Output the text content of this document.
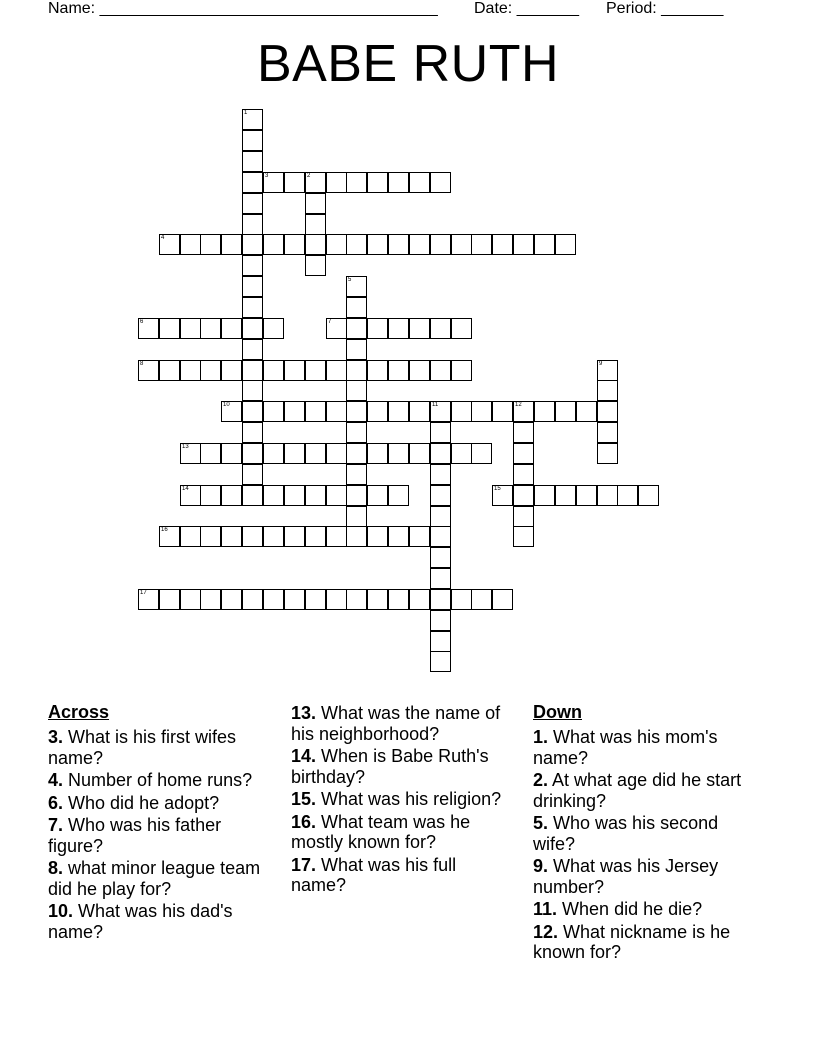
Name: ______________________________________ Date: _______ Period: _______
BABE RUTH
3	2
4
6	7
8
10	11	12
13
14	15
16
17
1
5
9
Across
3. What is his first wifes name?
4. Number of home runs?
6. Who did he adopt?
7. Who was his father figure?
8. what minor league team did he play for?
10. What was his dad's name?
13. What was the name of his neighborhood?
14. When is Babe Ruth's birthday?
15. What was his religion?
16. What team was he mostly known for?
17. What was his full name?
Down
1. What was his mom's name?
2. At what age did he start drinking?
5. Who was his second wife?
9. What was his Jersey number?
11. When did he die?
12. What nickname is he known for?
